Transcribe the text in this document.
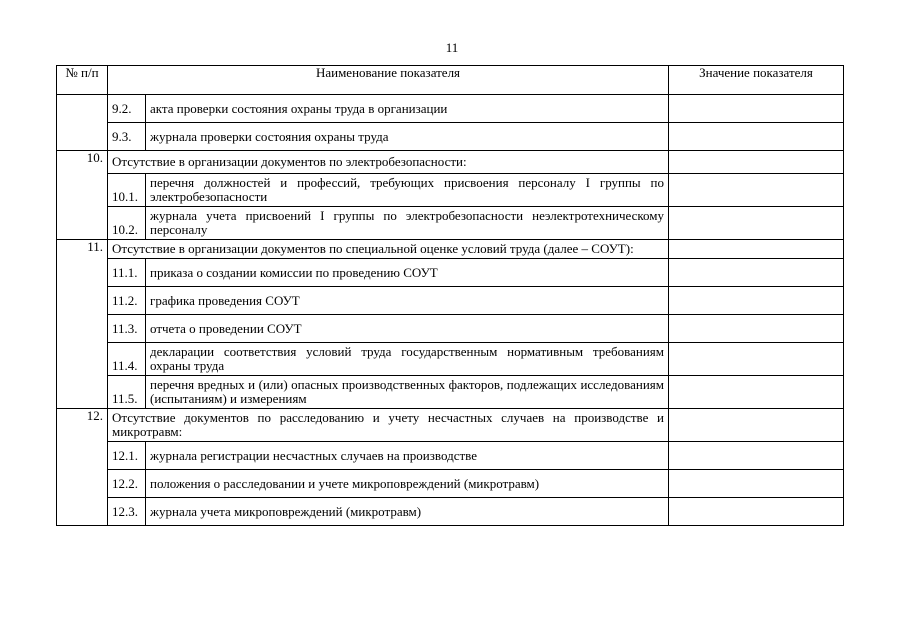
11
№ п/п	Наименование показателя		Значение показателя
	9.2.	акта проверки состояния охраны труда в организации	
	9.3.	журнала проверки состояния охраны труда	
10.	Отсутствие в организации документов по электробезопасности:		
	10.1.	перечня должностей и профессий, требующих присвоения персоналу I группы по электробезопасности	
	10.2.	журнала учета присвоений I группы по электробезопасности неэлектротехническому персоналу	
11.	Отсутствие в организации документов по специальной оценке условий труда (далее – СОУТ):		
	11.1.	приказа о создании комиссии по проведению СОУТ	
	11.2.	графика проведения СОУТ	
	11.3.	отчета о проведении СОУТ	
	11.4.	декларации соответствия условий труда государственным нормативным требованиям охраны труда	
	11.5.	перечня вредных и (или) опасных производственных факторов, подлежащих исследованиям (испытаниям) и измерениям	
12.	Отсутствие документов по расследованию и учету несчастных случаев на производстве и микротравм:		
	12.1.	журнала регистрации несчастных случаев на производстве	
	12.2.	положения о расследовании и учете микроповреждений (микротравм)	
	12.3.	журнала учета микроповреждений (микротравм)	
